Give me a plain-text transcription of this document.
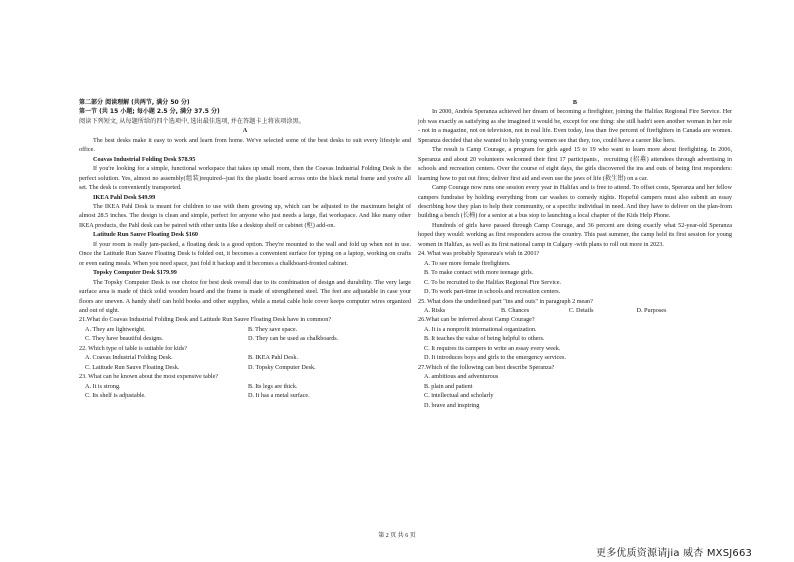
第二部分 阅读理解 (共两节, 满分 50 分)

第一节 (共 15 小题; 每小题 2.5 分, 满分 37.5 分)

阅读下列短文, 从每题所给的四个选项中, 选出最佳选项, 并在答题卡上将该项涂黑。

A

The best desks make it easy to work and learn from home. We've selected some of the best desks to suit every lifestyle and office.

Coavas Industrial Folding Desk $78.95

If you're looking for a simple, functional workspace that takes up small room, then the Coavas Industrial Folding Desk is the perfect solution. Yes, almost no assembly(组装)required--just fix the plastic board across onto the black metal frame and you're all set. The desk is conveniently transported.

IKEA Pahl Desk $49.99

The IKEA Pahl Desk is meant for children to use with them growing up, which can be adjusted to the maximum height of almost 28.5 inches. The design is clean and simple, perfect for anyone who just needs a large, flat workspace. And like many other IKEA products, the Pahl desk can be paired with other units like a desktop shelf or cabinet (柜) add-on.

Latitude Run Sauve Floating Desk $160

If your room is really jam-packed, a floating desk is a good option. They're mounted to the wall and fold up when not in use. Once the Latitude Run Sauve Floating Desk is folded out, it becomes a convenient surface for typing on a laptop, working on crafts or even eating meals. When you need space, just fold it backup and it becomes a chalkboard-fronted cabinet.

Topsky Computer Desk $179.99

The Topsky Computer Desk is our choice for best desk overall due to its combination of design and durability. The very large surface area is made of thick solid wooden board and the frame is made of strengthened steel. The feet are adjustable in case your floors are uneven. A handy shelf can hold books and other supplies, while a metal cable hole cover keeps computer wires organized and out of sight.

21.What do Coavas Industrial Folding Desk and Latitude Run Sauve Floating Desk have in common?

A. They are lightweight.	B. They save space.
C. They have beautiful designs.	D. They can be used as chalkboards.

22. Which type of table is suitable for kids?

A. Coavas Industrial Folding Desk.	B. IKEA Pahl Desk.
C. Latitude Run Sauve Floating Desk.	D. Topsky Computer Desk.

23. What can be known about the most expensive table?

A. It is strong.	B. Its legs are thick.
C. Its shelf is adjustable.	D. It has a metal surface.

B

In 2000, Andréa Speranza achieved her dream of becoming a firefighter, joining the Halifax Regional Fire Service. Her job was exactly as satisfying as she imagined it would be, except for one thing: she still hadn't seen another woman in her role - not in a magazine, not on television, not in real life. Even today, less than five percent of firefighters in Canada are women. Speranza decided that she wanted to help young women see that they, too, could have a career like hers.

The result is Camp Courage, a program for girls aged 15 to 19 who want to learn more about firefighting. In 2006, Speranza and about 20 volunteers welcomed their first 17 participants，recruiting (招募) attendees through advertising in schools and recreation centers. Over the course of eight days, the girls discovered the ins and outs of being first responders: learning how to put out fires; deliver first aid and even use the jaws of life (救生钳) on a car.

Camp Courage now runs one session every year in Halifax and is free to attend. To offset costs, Speranza and her fellow campers fundraise by holding everything from car washes to comedy nights. Hopeful campers must also submit an essay describing how they plan to help their community, or a specific individual in need. And they have to deliver on the plan-from building a bench (长椅) for a senior at a bus stop to launching a local chapter of the Kids Help Phone.

Hundreds of girls have passed through Camp Courage, and 36 percent are doing exactly what 52-year-old Speranza hoped they would: working as first responders across the country. This past summer, the camp held its first session for young women in Halifax, as well as its first national camp in Calgary -with plans to roll out more in 2023.

24. What was probably Speranza's wish in 2001?

A. To see more female firefighters.

B. To make contact with more teenage girls.

C. To be recruited to the Halifax Regional Fire Service.

D. To work part-time in schools and recreation centers.

25. What does the underlined part "ins and outs" in paragraph 2 mean?

A. Risks	B. Chances	C. Details	D. Purposes

26.What can be inferred about Camp Courage?

A. It is a nonprofit international organization.

B. It teaches the value of being helpful to others.

C. It requires its campers to write an essay every week.

D. It introduces boys and girls to the emergency services.

27.Which of the following can best describe Speranza?

A. ambitious and adventurous

B. plain and patient

C. intellectual and scholarly

D. brave and inspiring

第 2 页 共 6 页
更多优质资源请jia 威杏 MXSJ663
